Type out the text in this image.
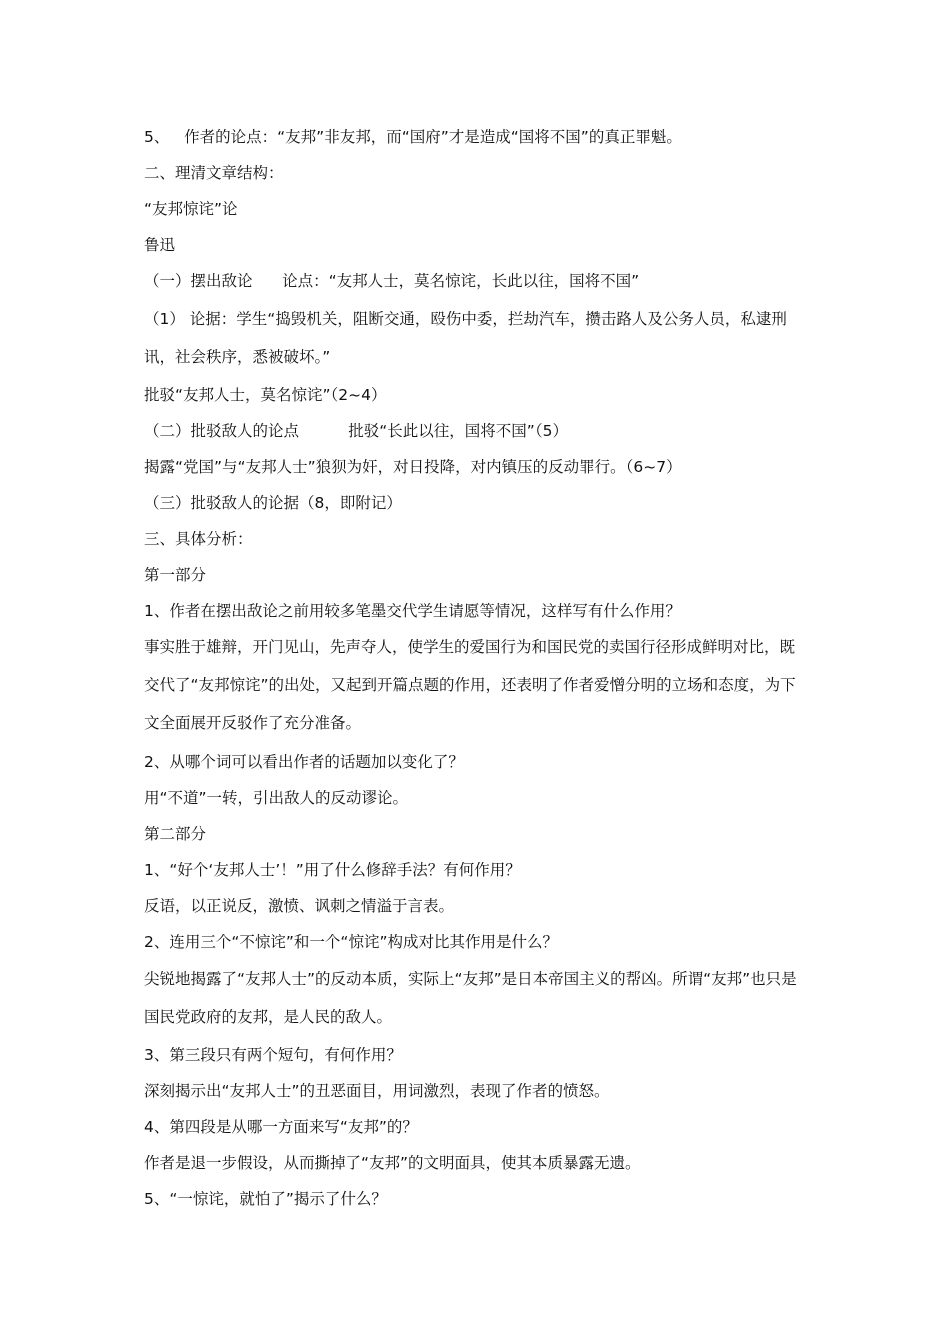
5、   作者的论点：“友邦”非友邦，而“国府”才是造成“国将不国”的真正罪魁。
二、理清文章结构：
“友邦惊诧”论
鲁迅
（一）摆出敌论      论点：“友邦人士，莫名惊诧，长此以往，国将不国”
（1） 论据：学生“捣毁机关，阻断交通，殴伤中委，拦劫汽车，攒击路人及公务人员，私逮刑讯，社会秩序，悉被破坏。”
批驳“友邦人士，莫名惊诧”（2~4）
（二）批驳敌人的论点          批驳“长此以往，国将不国”（5）
揭露“党国”与“友邦人士”狼狈为奸，对日投降，对内镇压的反动罪行。（6~7）
（三）批驳敌人的论据（8，即附记）
三、具体分析：
第一部分
1、作者在摆出敌论之前用较多笔墨交代学生请愿等情况，这样写有什么作用？
事实胜于雄辩，开门见山，先声夺人，使学生的爱国行为和国民党的卖国行径形成鲜明对比，既交代了“友邦惊诧”的出处，又起到开篇点题的作用，还表明了作者爱憎分明的立场和态度，为下文全面展开反驳作了充分准备。
2、从哪个词可以看出作者的话题加以变化了？
用“不道”一转，引出敌人的反动谬论。
第二部分
1、“好个‘友邦人士’！”用了什么修辞手法？有何作用？
反语，以正说反，激愤、讽刺之情溢于言表。
2、连用三个“不惊诧”和一个“惊诧”构成对比其作用是什么？
尖锐地揭露了“友邦人士”的反动本质，实际上“友邦”是日本帝国主义的帮凶。所谓“友邦”也只是国民党政府的友邦，是人民的敌人。
3、第三段只有两个短句，有何作用？
深刻揭示出“友邦人士”的丑恶面目，用词激烈，表现了作者的愤怒。
4、第四段是从哪一方面来写“友邦”的？
作者是退一步假设，从而撕掉了“友邦”的文明面具，使其本质暴露无遗。
5、“一惊诧，就怕了”揭示了什么？
